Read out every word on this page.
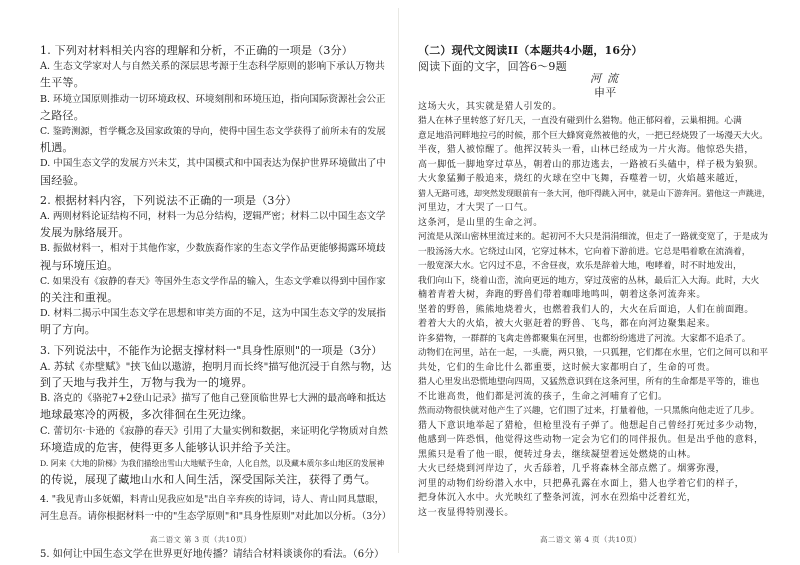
1. 下列对材料相关内容的理解和分析，不正确的一项是（3分）
A. 生态文学家对人与自然关系的深层思考源于生态科学原则的影响下承认万物共
生平等。
B. 环境立国原则推动一切环境政权、环境刻削和环境压迫，指向国际资源社会公正
之路径。
C. 鉴跨测源，哲学概念及国家政策的导向，使得中国生态文学获得了前所未有的发展
机遇。
D. 中国生态文学的发展方兴未艾，其中国模式和中国表达为保护世界环境做出了中
国经验。
2. 根据材料内容，下列说法不正确的一项是（3分）
A. 两则材料论证结构不同，材料一为总分结构，逻辑严密；材料二以中国生态文学
发展为脉络展开。
B. 振做材料一，相对于其他作家，少数族裔作家的生态文学作品更能够揭露环境歧
视与环境压迫。
C. 如果没有《寂静的春天》等国外生态文学作品的输入，生态文学难以得到中国作家
的关注和重视。
D. 材料二揭示中国生态文学在思想和审美方面的不足，这为中国生态文学的发展指
明了方向。
3. 下列说法中，不能作为论据支撑材料一"具身性原则"的一项是（3分）
A. 苏轼《赤壁赋》"挟飞仙以遨游，抱明月而长终"描写他沉浸于自然与物，达
到了天地与我并生，万物与我为一的境界。
B. 洛克的《骆驼7+2登山记录》描写了他自己登顶临世界七大洲的最高峰和抵达
地球最寒冷的两极，多次徘徊在生死边缘。
C. 蕾切尔·卡逊的《寂静的春天》引用了大量实例和数据，来证明化学物质对自然
环境造成的危害，使得更多人能够认识并给予关注。
D. 阿来《大地的阶梯》为我们描绘出雪山大地赋予生命，人化自然，以及藏本质尔多山地区的发展神
的传说，展现了藏地山水和人间生活，深受国际关注，获得了勇气。
4. "我见青山多妩媚，料青山见我应如是"出自辛弃疾的诗词，诗人、青山同具慧眼，
河生息吾。请你根据材料一中的"生态学原则"和"具身性原则"对此加以分析。（3分）
5. 如何让中国生态文学在世界更好地传播？请结合材料谈谈你的看法。（6分）
（二）现代文阅读II（本题共4小题，16分）
阅读下面的文字，回答6～9题
河流
申平
这场大火，其实就是猎人引发的。
猎人在林子里转悠了好几天，一直没有碰到什么猎物。他正郁闷着，云巢相拥。心满
意足地沿河畔地拉弓的时候，那个巨大蜂窝竟然被他的火，一把已经烧毁了一场漫天大火。
半夜，猎人被惊醒了。他挥汉转头一看，山林已经成为一片火海。他惊恐失措，
高一脚低一脚地穿过草丛，朝着山的那边逃去，一路被石头磕中，样子极为狼狈。
大火象猛狮子般追来，烧红的火球在空中飞舞，吞噬着一切，火焰越来越近，
猎人无路可逃，却突然发现眼前有一条大河，他吓得跳入河中，就是山下游奔河。猎他这一声跳进，
河里边，才大哭了一口气。
这条河，是山里的生命之河。
河流是从深山密林里流过来的。起初河不大只是涓涓细流，但走了一路就变宽了，于是成为
一股汤汤大水。它绕过山冈，它穿过林木，它向着下游前进。它总是唱着歌在流淌着，
一般宽深大水。它闪过不息，不舍昼夜，欢乐是辞着大地，咆哮着，时不时地发出，
我们向山下，绕着山峦，流向更远的地方，穿过茂密的丛林，最后汇入大海。此时，大火
楠着青着大树，奔跑的野兽们带着咖啡地鸣叫，朝着这条河流奔来。
坚着的野兽，熊熊地烧着火，也燃着我们人的，大火在后面追，人们在前面跑。
着着大大的火焰，被大火驱赶着的野兽、飞鸟，都在向河边聚集起来。
许多猎物，一群群的飞禽走兽都聚集在河里，也都纷纷逃进了河流。大家都不追杀了。
动物们在河里，站在一起，一头鹿，两只狼，一只狐狸，它们都在水里，它们之间可以和平
共处，它们的生命比什么都重要，这时候大家都明白了，生命的可贵。
猎人心里发出恐慌地望向四周，又猛然意识到在这条河里，所有的生命都是平等的，谁也
不比谁高贵，他们都是河流的孩子，生命之河哺育了它们。
然而动物很快就对他产生了兴趣，它们围了过来，打量着他，一只黑熊向他走近了几步。
猎人下意识地举起了猎枪，但枪里没有子弹了。他想起自己曾经打死过多少动物，
他感到一阵恐惧，他觉得这些动物一定会为它们的同伴报仇。但是出乎他的意料，
黑熊只是看了他一眼，便转过身去，继续凝望着远处燃烧的山林。
大火已经烧到河岸边了，火舌舔着，几乎将森林全部点燃了。烟雾弥漫，
河里的动物们纷纷潜入水中，只把鼻孔露在水面上，猎人也学着它们的样子，
把身体沉入水中。火光映红了整条河流，河水在烈焰中泛着红光，
这一夜显得特别漫长。
高二语文 第 3 页（共10页）	高二语文 第 4 页（共10页）
